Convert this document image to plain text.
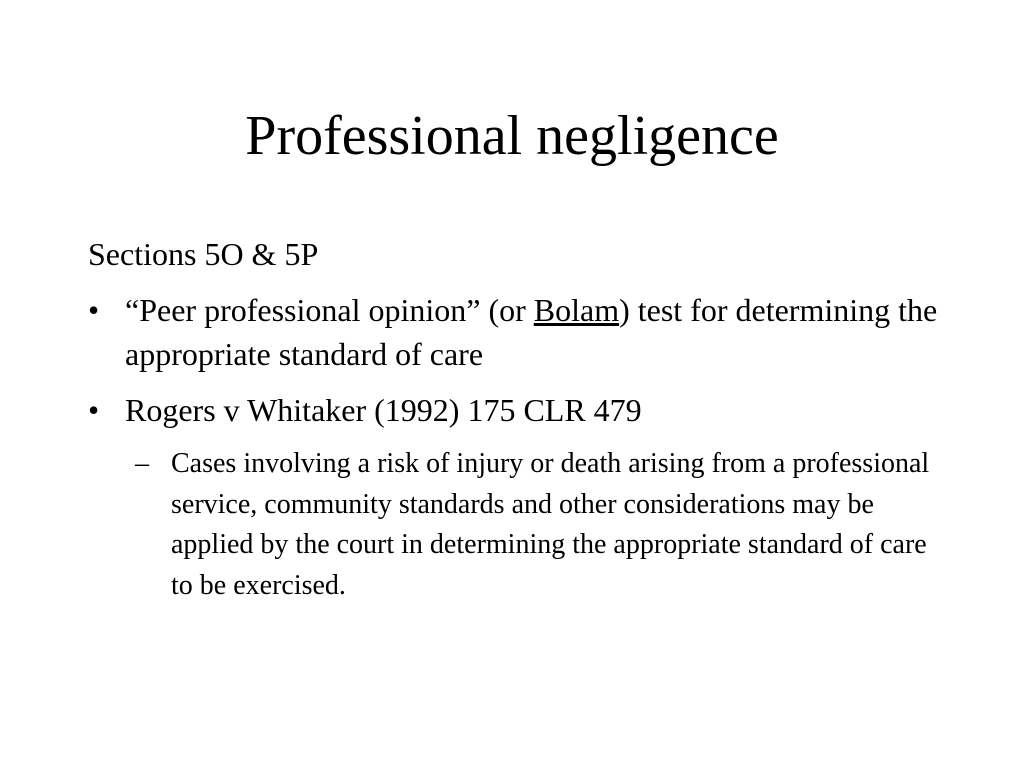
Professional negligence

Sections 5O & 5P

• “Peer professional opinion” (or Bolam) test for determining the appropriate standard of care

• Rogers v Whitaker (1992) 175 CLR 479

– Cases involving a risk of injury or death arising from a professional service, community standards and other considerations may be applied by the court in determining the appropriate standard of care to be exercised.
